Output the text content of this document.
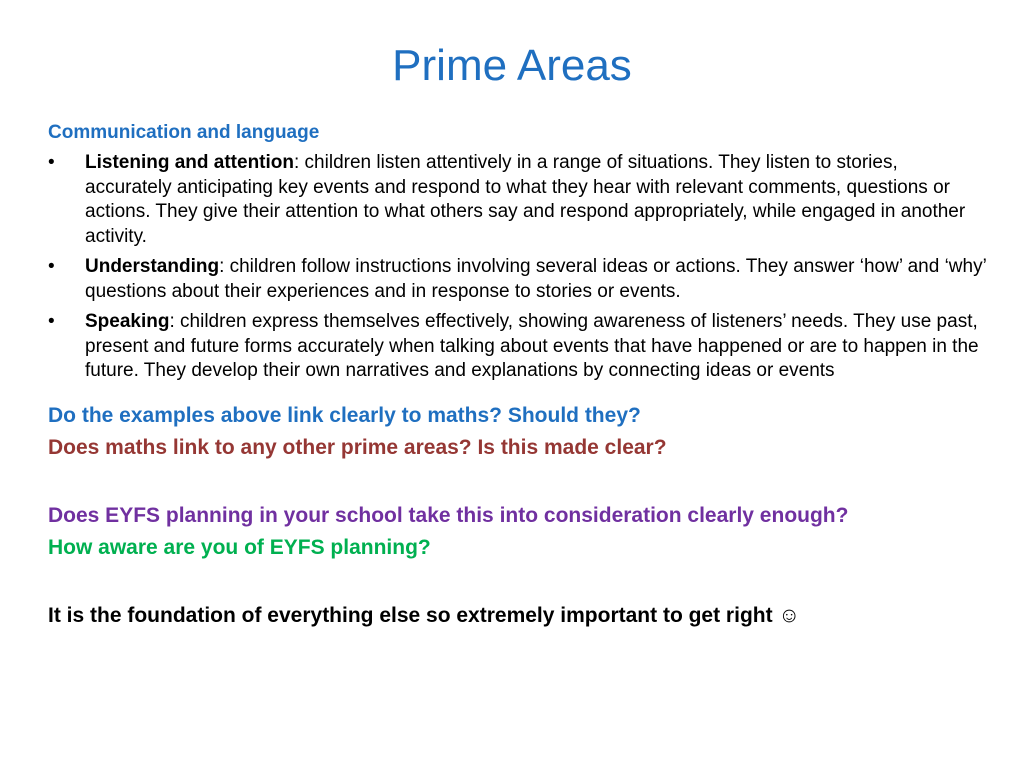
Prime Areas
Communication and language
• Listening and attention: children listen attentively in a range of situations. They listen to stories, accurately anticipating key events and respond to what they hear with relevant comments, questions or actions. They give their attention to what others say and respond appropriately, while engaged in another activity.
• Understanding: children follow instructions involving several ideas or actions. They answer ‘how’ and ‘why’ questions about their experiences and in response to stories or events.
• Speaking: children express themselves effectively, showing awareness of listeners’ needs. They use past, present and future forms accurately when talking about events that have happened or are to happen in the future. They develop their own narratives and explanations by connecting ideas or events

Do the examples above link clearly to maths? Should they?

Does maths link to any other prime areas? Is this made clear?

Does EYFS planning in your school take this into consideration clearly enough?

How aware are you of EYFS planning?

It is the foundation of everything else so extremely important to get right ☺
